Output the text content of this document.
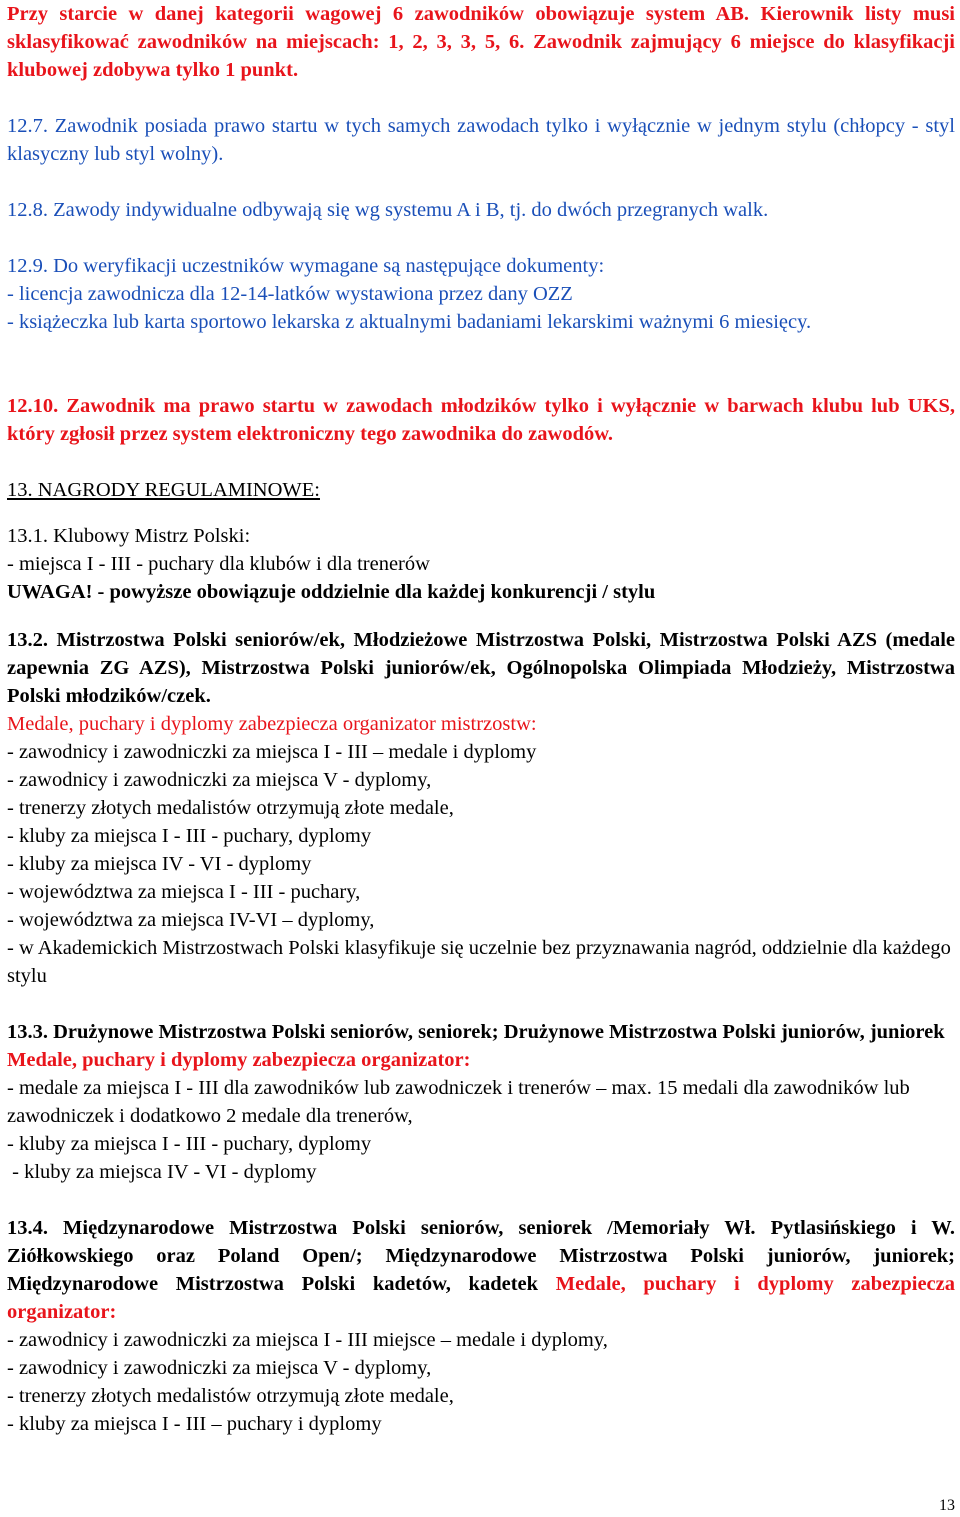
Przy starcie w danej kategorii wagowej 6 zawodników obowiązuje system AB. Kierownik listy musi sklasyfikować zawodników na miejscach: 1, 2, 3, 3, 5, 6. Zawodnik zajmujący 6 miejsce do klasyfikacji klubowej zdobywa tylko 1 punkt.
12.7. Zawodnik posiada prawo startu w tych samych zawodach tylko i wyłącznie w jednym stylu (chłopcy - styl klasyczny lub styl wolny).
12.8. Zawody indywidualne odbywają się wg systemu A i B, tj. do dwóch przegranych walk.
12.9. Do weryfikacji uczestników wymagane są następujące dokumenty:
- licencja zawodnicza dla 12-14-latków wystawiona przez dany OZZ
- książeczka lub karta sportowo lekarska z aktualnymi badaniami lekarskimi ważnymi 6 miesięcy.
12.10. Zawodnik ma prawo startu w zawodach młodzików tylko i wyłącznie w barwach klubu lub UKS, który zgłosił przez system elektroniczny tego zawodnika do zawodów.
13. NAGRODY REGULAMINOWE:
13.1. Klubowy Mistrz Polski:
- miejsca I - III - puchary dla klubów i dla trenerów
UWAGA! - powyższe obowiązuje oddzielnie dla każdej konkurencji / stylu
13.2. Mistrzostwa Polski seniorów/ek, Młodzieżowe Mistrzostwa Polski, Mistrzostwa Polski AZS (medale zapewnia ZG AZS), Mistrzostwa Polski juniorów/ek, Ogólnopolska Olimpiada Młodzieży, Mistrzostwa Polski młodzików/czek.
Medale, puchary i dyplomy zabezpiecza organizator mistrzostw:
- zawodnicy i zawodniczki za miejsca I - III – medale i dyplomy
- zawodnicy i zawodniczki za miejsca V - dyplomy,
- trenerzy złotych medalistów otrzymują złote medale,
- kluby za miejsca I - III - puchary, dyplomy
- kluby za miejsca IV - VI - dyplomy
- województwa za miejsca I - III - puchary,
- województwa za miejsca IV-VI – dyplomy,
- w Akademickich Mistrzostwach Polski klasyfikuje się uczelnie bez przyznawania nagród, oddzielnie dla każdego stylu
13.3. Drużynowe Mistrzostwa Polski seniorów, seniorek; Drużynowe Mistrzostwa Polski juniorów, juniorek Medale, puchary i dyplomy zabezpiecza organizator:
- medale za miejsca I - III dla zawodników lub zawodniczek i trenerów – max. 15 medali dla zawodników lub zawodniczek i dodatkowo 2 medale dla trenerów,
- kluby za miejsca I - III - puchary, dyplomy
- kluby za miejsca IV - VI - dyplomy
13.4. Międzynarodowe Mistrzostwa Polski seniorów, seniorek /Memoriały Wł. Pytlasińskiego i W. Ziółkowskiego oraz Poland Open/; Międzynarodowe Mistrzostwa Polski juniorów, juniorek; Międzynarodowe Mistrzostwa Polski kadetów, kadetek Medale, puchary i dyplomy zabezpiecza organizator:
- zawodnicy i zawodniczki za miejsca I - III miejsce – medale i dyplomy,
- zawodnicy i zawodniczki za miejsca V - dyplomy,
- trenerzy złotych medalistów otrzymują złote medale,
- kluby za miejsca I - III – puchary i dyplomy
13
